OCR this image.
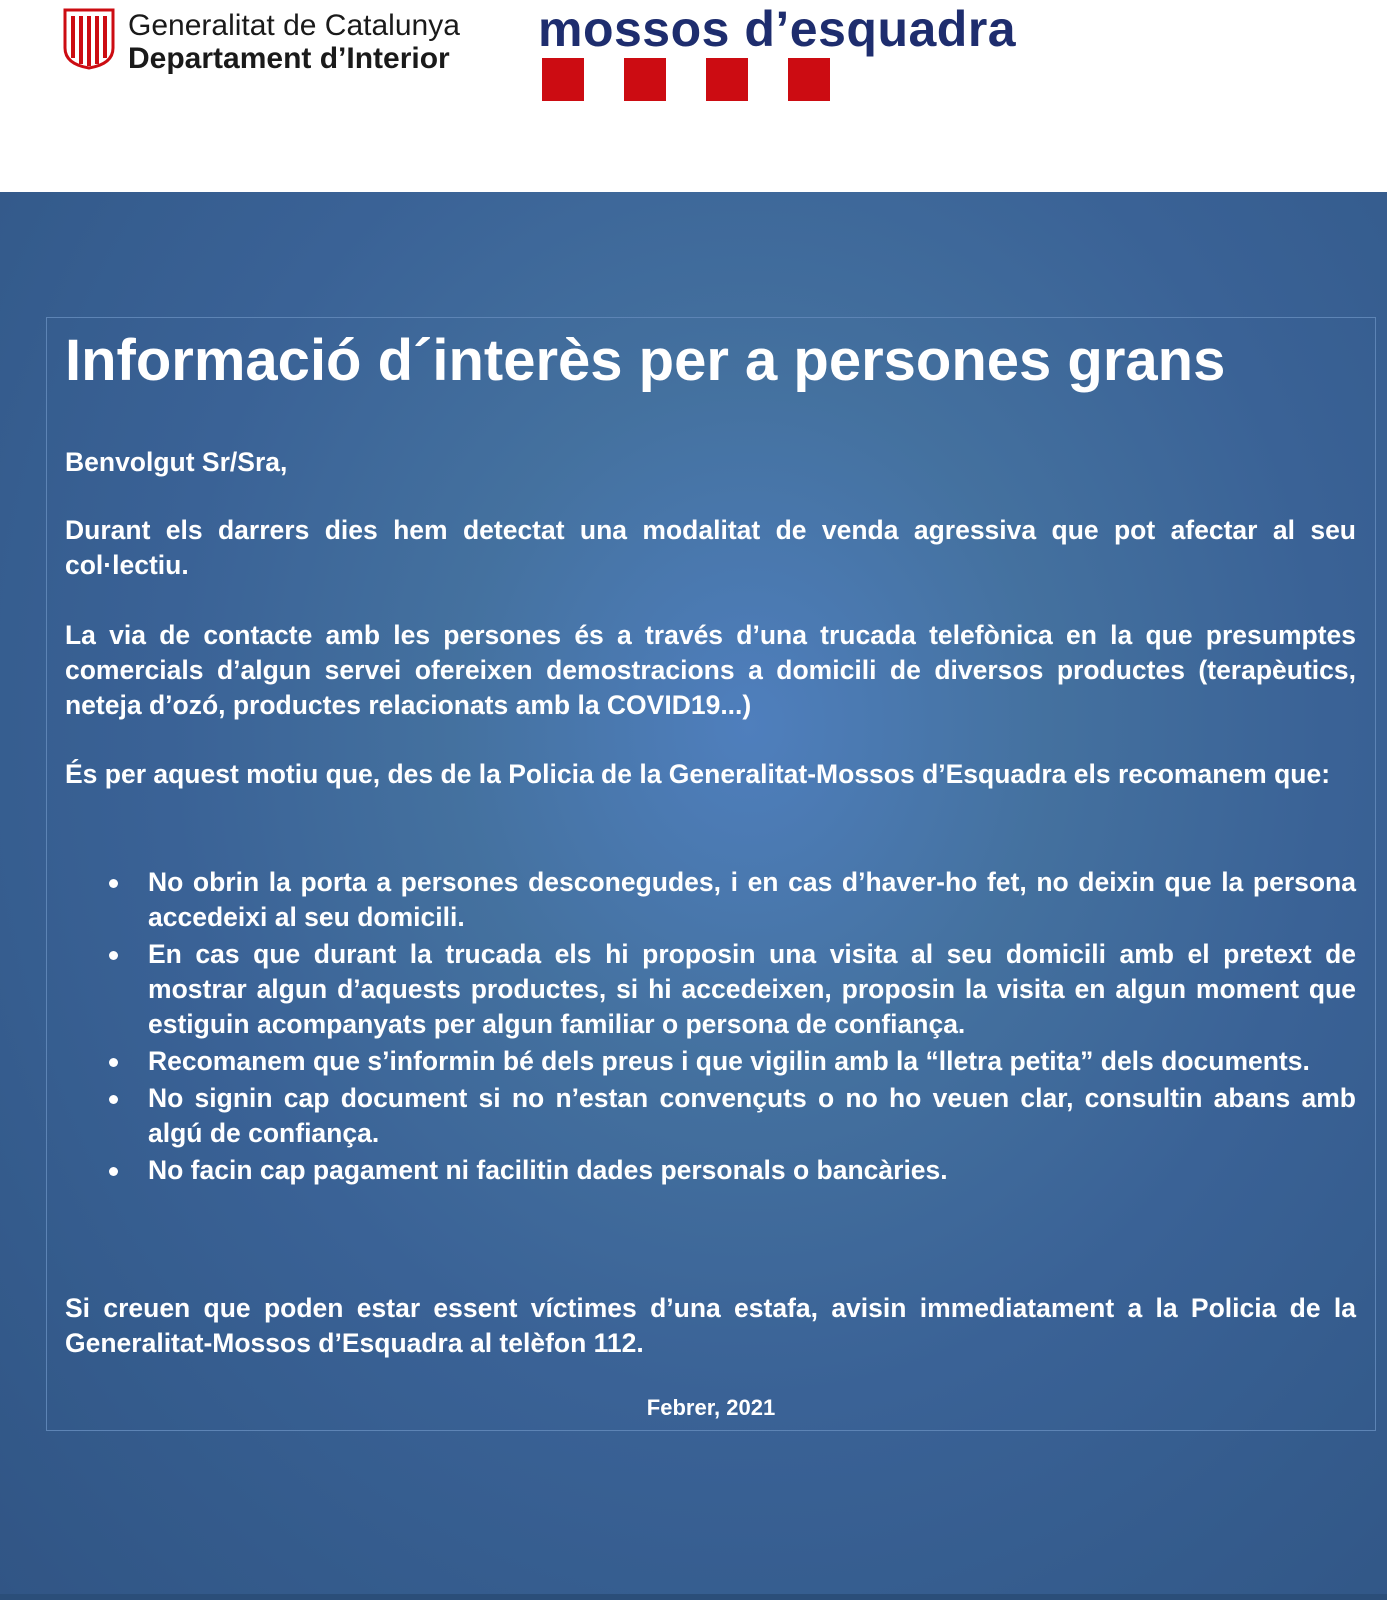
Generalitat de Catalunya
Departament d’Interior
mossos d’esquadra
Informació d´interès per a persones grans

Benvolgut Sr/Sra,

Durant els darrers dies hem detectat una modalitat de venda agressiva que pot afectar al seu col·lectiu.

La via de contacte amb les persones és a través d’una trucada telefònica en la que presumptes comercials d’algun servei ofereixen demostracions a domicili de diversos productes (terapèutics, neteja d’ozó, productes relacionats amb la COVID19...)

És per aquest motiu que, des de la Policia de la Generalitat-Mossos d’Esquadra els recomanem que:

No obrin la porta a persones desconegudes, i en cas d’haver-ho fet, no deixin que la persona accedeixi al seu domicili.
En cas que durant la trucada els hi proposin una visita al seu domicili amb el pretext de mostrar algun d’aquests productes, si hi accedeixen, proposin la visita en algun moment que estiguin acompanyats per algun familiar o persona de confiança.
Recomanem que s’informin bé dels preus i que vigilin amb la “lletra petita” dels documents.
No signin cap document si no n’estan convençuts o no ho veuen clar, consultin abans amb algú de confiança.
No facin cap pagament ni facilitin dades personals o bancàries.

Si creuen que poden estar essent víctimes d’una estafa, avisin immediatament a la Policia de la Generalitat-Mossos d’Esquadra al telèfon 112.

Febrer, 2021
